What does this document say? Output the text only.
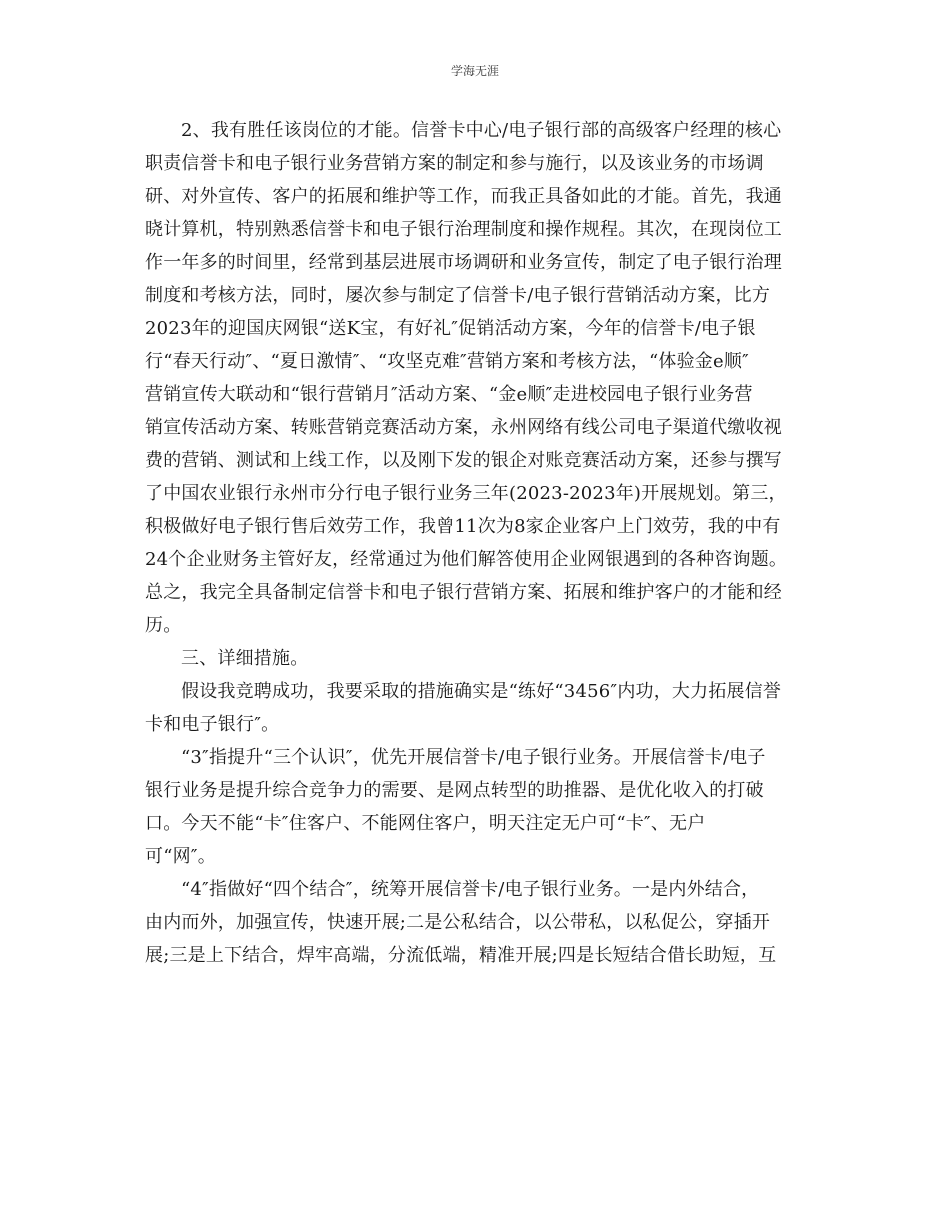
学海无涯
2、我有胜任该岗位的才能。信誉卡中心/电子银行部的高级客户经理的核心
职责信誉卡和电子银行业务营销方案的制定和参与施行，以及该业务的市场调
研、对外宣传、客户的拓展和维护等工作，而我正具备如此的才能。首先，我通
晓计算机，特别熟悉信誉卡和电子银行治理制度和操作规程。其次，在现岗位工
作一年多的时间里，经常到基层进展市场调研和业务宣传，制定了电子银行治理
制度和考核方法，同时，屡次参与制定了信誉卡/电子银行营销活动方案，比方
2023年的迎国庆网银“送K宝，有好礼″促销活动方案，今年的信誉卡/电子银
行“春天行动″、“夏日激情″、“攻坚克难″营销方案和考核方法，“体验金e顺″
营销宣传大联动和“银行营销月″活动方案、“金e顺″走进校园电子银行业务营
销宣传活动方案、转账营销竞赛活动方案，永州网络有线公司电子渠道代缴收视
费的营销、测试和上线工作，以及刚下发的银企对账竞赛活动方案，还参与撰写
了中国农业银行永州市分行电子银行业务三年(2023-2023年)开展规划。第三，
积极做好电子银行售后效劳工作，我曾11次为8家企业客户上门效劳，我的中有
24个企业财务主管好友，经常通过为他们解答使用企业网银遇到的各种咨询题。
总之，我完全具备制定信誉卡和电子银行营销方案、拓展和维护客户的才能和经
历。
三、详细措施。
假设我竞聘成功，我要采取的措施确实是“练好“3456″内功，大力拓展信誉
卡和电子银行″。
“3″指提升“三个认识″，优先开展信誉卡/电子银行业务。开展信誉卡/电子
银行业务是提升综合竞争力的需要、是网点转型的助推器、是优化收入的打破
口。今天不能“卡″住客户、不能网住客户，明天注定无户可“卡″、无户
可“网″。
“4″指做好“四个结合″，统筹开展信誉卡/电子银行业务。一是内外结合，
由内而外，加强宣传，快速开展;二是公私结合，以公带私，以私促公，穿插开
展;三是上下结合，焊牢高端，分流低端，精准开展;四是长短结合借长助短，互
